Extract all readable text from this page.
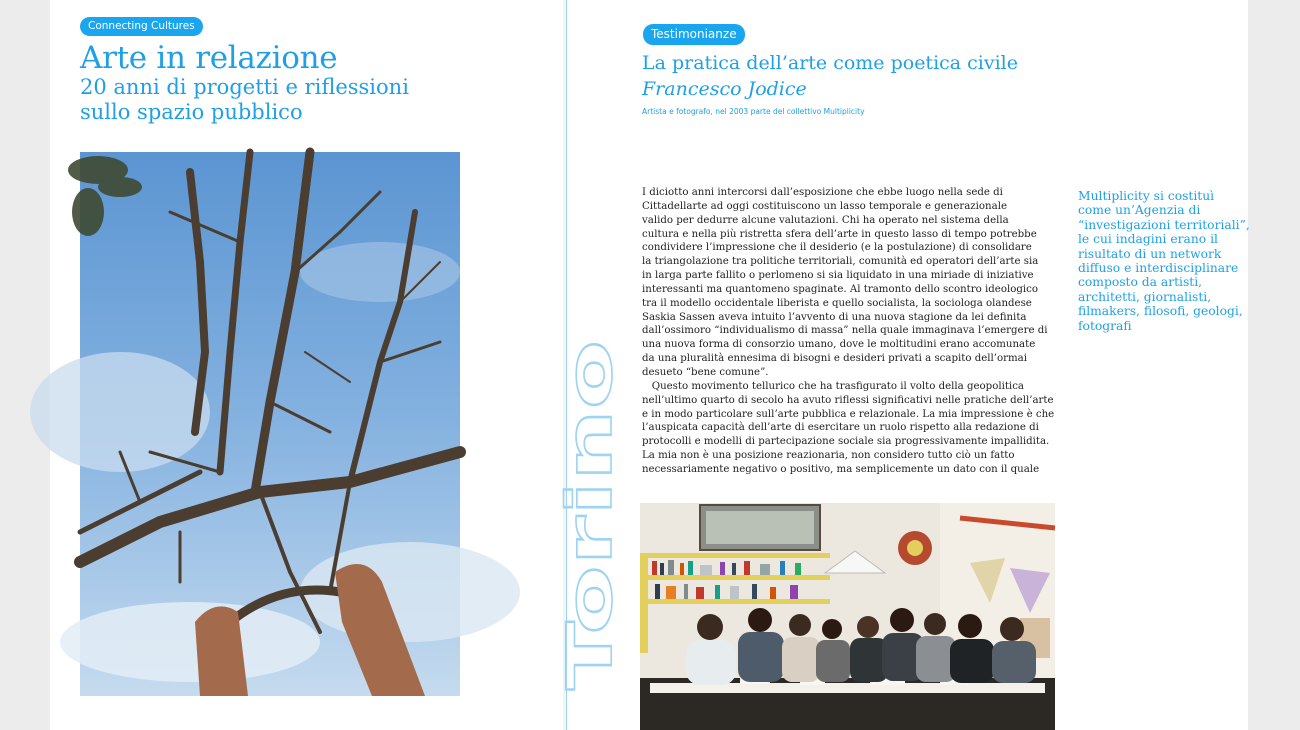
Connecting Cultures
Arte in relazione
20 anni di progetti e riflessioni
sullo spazio pubblico
Testimonianze
La pratica dell’arte come poetica civile
Francesco Jodice
Artista e fotografo, nel 2003 parte del collettivo Multiplicity
Torino
I diciotto anni intercorsi dall’esposizione che ebbe luogo nella sede di
Cittadellarte ad oggi costituiscono un lasso temporale e generazionale
valido per dedurre alcune valutazioni. Chi ha operato nel sistema della
cultura e nella più ristretta sfera dell’arte in questo lasso di tempo potrebbe
condividere l’impressione che il desiderio (e la postulazione) di consolidare
la triangolazione tra politiche territoriali, comunità ed operatori dell’arte sia
in larga parte fallito o perlomeno si sia liquidato in una miriade di iniziative
interessanti ma quantomeno spaginate. Al tramonto dello scontro ideologico
tra il modello occidentale liberista e quello socialista, la sociologa olandese
Saskia Sassen aveva intuito l’avvento di una nuova stagione da lei definita
dall’ossimoro “individualismo di massa” nella quale immaginava l’emergere di
una nuova forma di consorzio umano, dove le moltitudini erano accomunate
da una pluralità ennesima di bisogni e desideri privati a scapito dell’ormai
desueto “bene comune”.
Questo movimento tellurico che ha trasfigurato il volto della geopolitica
nell’ultimo quarto di secolo ha avuto riflessi significativi nelle pratiche dell’arte
e in modo particolare sull’arte pubblica e relazionale. La mia impressione è che
l’auspicata capacità dell’arte di esercitare un ruolo rispetto alla redazione di
protocolli e modelli di partecipazione sociale sia progressivamente impallidita.
La mia non è una posizione reazionaria, non considero tutto ciò un fatto
necessariamente negativo o positivo, ma semplicemente un dato con il quale
Multiplicity si costituì
come un’Agenzia di
“investigazioni territoriali”,
le cui indagini erano il
risultato di un network
diffuso e interdisciplinare
composto da artisti,
architetti, giornalisti,
filmakers, filosofi, geologi,
fotografi
